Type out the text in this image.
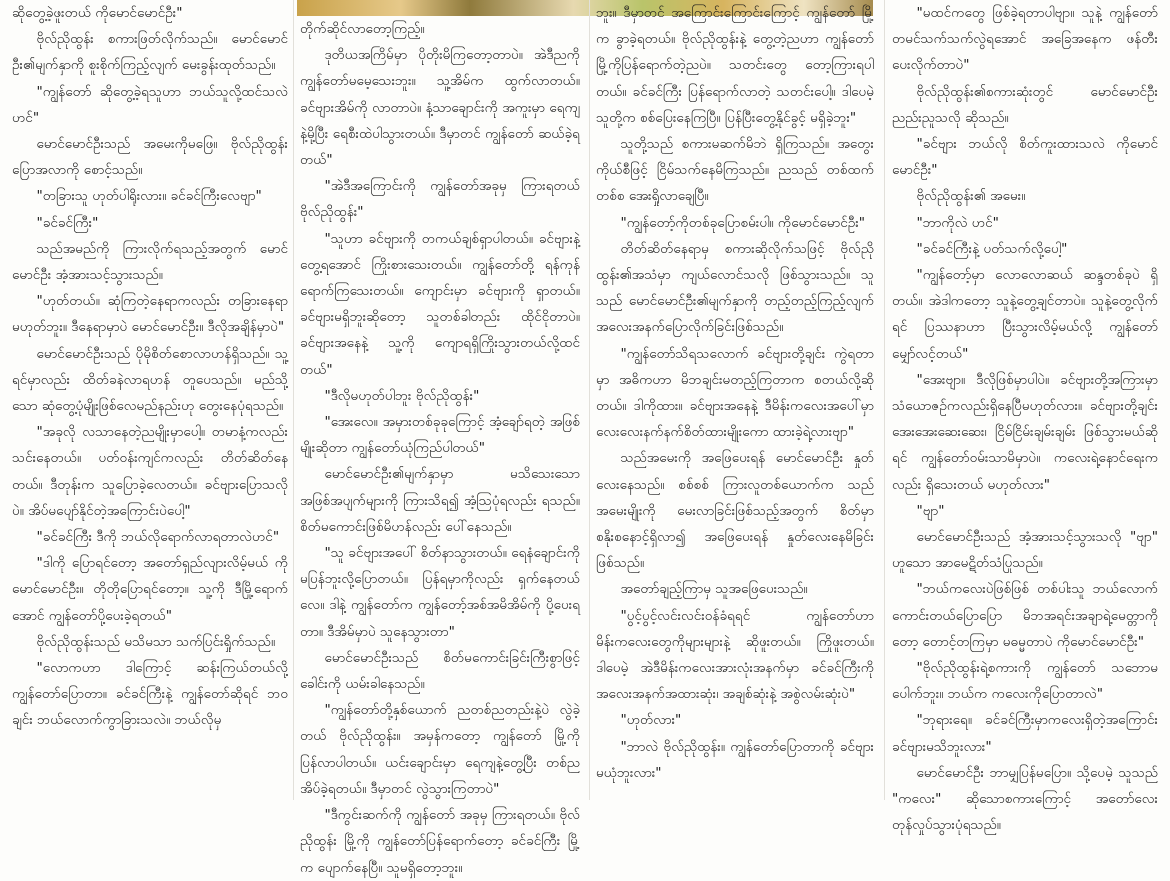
ဆိုတွေ့ခဲ့ဖူးတယ် ကိုမောင်မောင်ဦး"

ဗိုလ်ညိုထွန်း စကားဖြတ်လိုက်သည်။ မောင်မောင်ဦး၏မျက်နှာကို စူးစိုက်ကြည့်လျက် မေးခွန်းထုတ်သည်။

"ကျွန်တော် ဆိုတွေ့ခဲ့ရသူဟာ ဘယ်သူလို့ထင်သလဲဟင်"

မောင်မောင်ဦးသည် အမေးကိုမဖြေ။ ဗိုလ်ညိုထွန်းပြောအလာကို စောင့်သည်။

"တခြားသူ ဟုတ်ပါရိုးလား။ ခင်ခင်ကြီးလေဗျာ"

"ခင်ခင်ကြီး"

သည်အမည်ကို ကြားလိုက်ရသည့်အတွက် မောင်မောင်ဦး အံ့အားသင့်သွားသည်။

"ဟုတ်တယ်။ ဆုံကြတဲ့နေရာကလည်း တခြားနေရာမဟုတ်ဘူး။ ဒီနေရာမှာပဲ မောင်မောင်ဦး။ ဒီလိုအချိန်မှာပဲ"

မောင်မောင်ဦးသည် ပိုမိုစိတ်စောလာဟန်ရှိသည်။ သူ့ရင်မှာလည်း ထိတ်ခနဲလာရဟန် တူပေသည်။ မည်သို့သော ဆုံတွေ့ပုံမျိုးဖြစ်လေမည်နည်းဟု တွေးနေပုံရသည်။

"အခုလို လသာနေတဲ့ညမျိုးမှာပေါ့။ တမာနံ့ကလည်း သင်းနေတယ်။ ပတ်ဝန်းကျင်ကလည်း တိတ်ဆိတ်နေတယ်။ ဒီတုန်းက သူပြောခဲ့လေတယ်။ ခင်ဗျားပြောသလိုပဲ။ အိပ်မပျော်နိုင်တဲ့အကြောင်းပဲပေါ့"

"ခင်ခင်ကြီး ဒီကို ဘယ်လိုရောက်လာရတာလဲဟင်"

"ဒါကို ပြောရင်တော့ အတော်ရှည်လျားလိမ့်မယ် ကိုမောင်မောင်ဦး။ တိုတိုပြောရင်တော့။ သူ့ကို ဒီမြို့ရောက်အောင် ကျွန်တော်ပို့ပေးခဲ့ရတယ်"

ဗိုလ်ညိုထွန်းသည် မသိမသာ သက်ပြင်းရှိုက်သည်။

"လောကဟာ ဒါကြောင့် ဆန်းကြယ်တယ်လို့ ကျွန်တော်ပြောတာ။ ခင်ခင်ကြီးနဲ့ ကျွန်တော်ဆိုရင် ဘဝချင်း ဘယ်လောက်ကွာခြားသလဲ။ ဘယ်လိုမှ

တိုက်ဆိုင်လာတော့ကြည့်။

ဒုတိယအကြိမ်မှာ ပိုတိုးမိကြတော့တာပဲ။ အဲဒီညကို ကျွန်တော်မမေ့သေးဘူး။ သူ့အိမ်က ထွက်လာတယ်။ ခင်ဗျားအိမ်ကို လာတာပဲ။ နံ့သာချောင်းကို အကူးမှာ ရေကျနဲ့မို့ပြီး ရေစီးထဲပါသွားတယ်။ ဒီမှာတင် ကျွန်တော် ဆယ်ခဲ့ရတယ်"

"အဲဒီအကြောင်းကို ကျွန်တော်အခုမှ ကြားရတယ် ဗိုလ်ညိုထွန်း"

"သူဟာ ခင်ဗျားကို တကယ်ချစ်ရှာပါတယ်။ ခင်ဗျားနဲ့တွေ့ရအောင် ကြိုးစားသေးတယ်။ ကျွန်တော်တို့ ရန်ကုန်ရောက်ကြသေးတယ်။ ကျောင်းမှာ ခင်ဗျားကို ရှာတယ်။ ခင်ဗျားမရှိဘူးဆိုတော့ သူတစ်ခါတည်း ထိုင်ငိုတာပဲ။ ခင်ဗျားအနေနဲ့ သူ့ကို ကျောရရှိကြိုးသွားတယ်လို့ထင်တယ်"

"ဒီလိုမဟုတ်ပါဘူး ဗိုလ်ညိုထွန်း"

"အေးလေ။ အမှားတစ်ခုခုကြောင့် အံ့ချော်ရတဲ့ အဖြစ်မျိုးဆိုတာ ကျွန်တော်ယုံကြည်ပါတယ်"

မောင်မောင်ဦး၏မျက်နှာမှာ မသိသေးသောအဖြစ်အပျက်များကို ကြားသိရ၍ အံ့ဩပုံရလည်း ရသည်။ စိတ်မကောင်းဖြစ်မိဟန်လည်း ပေါ်နေသည်။

"သူ ခင်ဗျားအပေါ် စိတ်နာသွားတယ်။ ရေနံချောင်းကို မပြန်ဘူးလို့ပြောတယ်။ ပြန်ရမှာကိုလည်း ရှက်နေတယ်လေ။ ဒါနဲ့ ကျွန်တော်က ကျွန်တော့်အစ်အမိအိမ်ကို ပို့ပေးရတာ။ ဒီအိမ်မှာပဲ သူနေသွားတာ"

မောင်မောင်ဦးသည် စိတ်မကောင်းခြင်းကြီးစွာဖြင့် ခေါင်းကို ယမ်းခါနေသည်။

"ကျွန်တော်တို့နှစ်ယောက် ညတစ်ညတည်းနဲ့ပဲ လွဲခဲ့တယ် ဗိုလ်ညိုထွန်း။ အမှန်ကတော့ ကျွန်တော် မြို့ကိုပြန်လာပါတယ်။ ယင်းချောင်းမှာ ရေကျနဲ့တွေ့ပြီး တစ်ညအိပ်ခဲ့ရတယ်။ ဒီမှာတင် လွဲသွားကြတာပဲ"

"ဒီကွင်းဆက်ကို ကျွန်တော် အခုမှ ကြားရတယ်။ ဗိုလ်ညိုထွန်း မြို့ကို ကျွန်တော်ပြန်ရောက်တော့ ခင်ခင်ကြီး မြို့က ပျောက်နေပြီ။ သူမရှိတော့ဘူး။

ဘူး။ ဒီမှာတင် အကြောင်းကြောင်းကြောင့် ကျွန်တော် မြို့က ခွာခဲ့ရတယ်။ ဗိုလ်ညိုထွန်းနဲ့ တွေ့တဲ့ညဟာ ကျွန်တော် မြို့ကိုပြန်ရောက်တဲ့ညပဲ။ သတင်းတွေ တော့ကြားရပါတယ်။ ခင်ခင်ကြီး ပြန်ရောက်လာတဲ့ သတင်းပေါ့။ ဒါပေမဲ့ သူတို့က စစ်ပြေးနေကြပြီ။ ပြန်ပြီးတွေ့နိုင်ခွင့် မရှိခဲ့ဘူး"

သူတို့သည် စကားမဆက်မိဘဲ ရှိကြသည်။ အတွေးကိုယ်စီဖြင့် ငြိမ်သက်နေမိကြသည်။ ညသည် တစ်ထက်တစ်စ အေးရှိုလာချေပြီ။

"ကျွန်တော့်ကိုတစ်ခုပြောစမ်းပါ။ ကိုမောင်မောင်ဦး"

တိတ်ဆိတ်နေရာမှ စကားဆိုလိုက်သဖြင့် ဗိုလ်ညိုထွန်း၏အသံမှာ ကျယ်လောင်သလို ဖြစ်သွားသည်။ သူသည် မောင်မောင်ဦး၏မျက်နှာကို တည့်တည့်ကြည့်လျက် အလေးအနက်ပြောလိုက်ခြင်းဖြစ်သည်။

"ကျွန်တော်သိရသလောက် ခင်ဗျားတို့ချင်း ကွဲရတာမှာ အဓိကဟာ မိဘချင်းမတည့်ကြတာက စတယ်လို့ဆိုတယ်။ ဒါကိုထား။ ခင်ဗျားအနေနဲ့ ဒီမိန်းကလေးအပေါ်မှာ လေးလေးနက်နက်စိတ်ထားမျိုးကော ထားခဲ့ရဲ့လားဗျာ"

သည်အမေးကို အဖြေပေးရန် မောင်မောင်ဦး နှုတ်လေးနေသည်။ စစ်စစ် ကြားလူတစ်ယောက်က သည်အမေးမျိုးကို မေးလာခြင်းဖြစ်သည့်အတွက် စိတ်မှာ စနိုးစနောင့်ရှိလာ၍ အဖြေပေးရန် နှုတ်လေးနေမိခြင်းဖြစ်သည်။

အတော်ချည့်ကြာမှ သူအဖြေပေးသည်။

"ပွင့်ပွင့်လင်းလင်းဝန်ခံရရင် ကျွန်တော်ဟာ မိန်းကလေးတွေကိုများများနဲ့ ဆိုဖူးတယ်။ ကြိုဖူးတယ်။ ဒါပေမဲ့ အဲဒီမိန်းကလေးအားလုံးအနက်မှာ ခင်ခင်ကြီးကို အလေးအနက်အထားဆုံး၊ အချစ်ဆုံးနဲ့ အစွဲလမ်းဆုံးပဲ"

"ဟုတ်လား"

"ဘာလဲ ဗိုလ်ညိုထွန်း။ ကျွန်တော်ပြောတာကို ခင်ဗျားမယုံဘူးလား"

"မထင်ကတွေ ဖြစ်ခဲ့ရတာပါဗျာ။ သူနဲ့ ကျွန်တော် တမင်သက်သက်လွဲရအောင် အခြေအနေက ဖန်တီးပေးလိုက်တာပဲ"

ဗိုလ်ညိုထွန်း၏စကားဆုံးတွင် မောင်မောင်ဦး ညည်းညူသလို ဆိုသည်။

"ခင်ဗျား ဘယ်လို စိတ်ကူးထားသလဲ ကိုမောင်မောင်ဦး"

ဗိုလ်ညိုထွန်း၏ အမေး။

"ဘာကိုလဲ ဟင်"

"ခင်ခင်ကြီးနဲ့ ပတ်သက်လို့ပေါ့"

"ကျွန်တော့်မှာ လောလောဆယ် ဆန္ဒတစ်ခုပဲ ရှိတယ်။ အဲဒါကတော့ သူနဲ့တွေ့ချင်တာပဲ။ သူနဲ့တွေ့လိုက်ရင် ပြဿနာဟာ ပြီးသွားလိမ့်မယ်လို့ ကျွန်တော်မျှော်လင့်တယ်"

"အေးဗျာ။ ဒီလိုဖြစ်မှာပါပဲ။ ခင်ဗျားတို့အကြားမှာ သံယောဇဉ်ကလည်းရှိနေပြီမဟုတ်လား။ ခင်ဗျားတို့ချင်း အေးအေးဆေးဆေး၊ ငြိမ်ငြိမ်းချမ်းချမ်း ဖြစ်သွားမယ်ဆိုရင် ကျွန်တော်ဝမ်းသာမိမှာပဲ။ ကလေးရဲ့နောင်ရေးကလည်း ရှိသေးတယ် မဟုတ်လား"

"ဗျာ"

မောင်မောင်ဦးသည် အံ့အားသင့်သွားသလို "ဗျာ" ဟူသော အာမေဋိတ်သံပြုသည်။

"ဘယ်ကလေးပဲဖြစ်ဖြစ် တစ်ပါးသူ ဘယ်လောက်ကောင်းတယ်ပြောပြော မိဘအရင်းအချာရဲ့မေတ္တာကိုတော့ တောင့်တကြမှာ မဓမ္မတာပဲ ကိုမောင်မောင်ဦး"

"ဗိုလ်ညိုထွန်းရဲ့စကားကို ကျွန်တော် သဘောမပေါက်ဘူး။ ဘယ်က ကလေးကိုပြောတာလဲ"

"ဘုရားရေ။ ခင်ခင်ကြီးမှာကလေးရှိတဲ့အကြောင်း ခင်ဗျားမသိဘူးလား"

မောင်မောင်ဦး ဘာမျှပြန်မပြော။ သို့ပေမဲ့ သူသည် "ကလေး" ဆိုသောစကားကြောင့် အတော်လေးတုန်လှုပ်သွားပုံရသည်။
